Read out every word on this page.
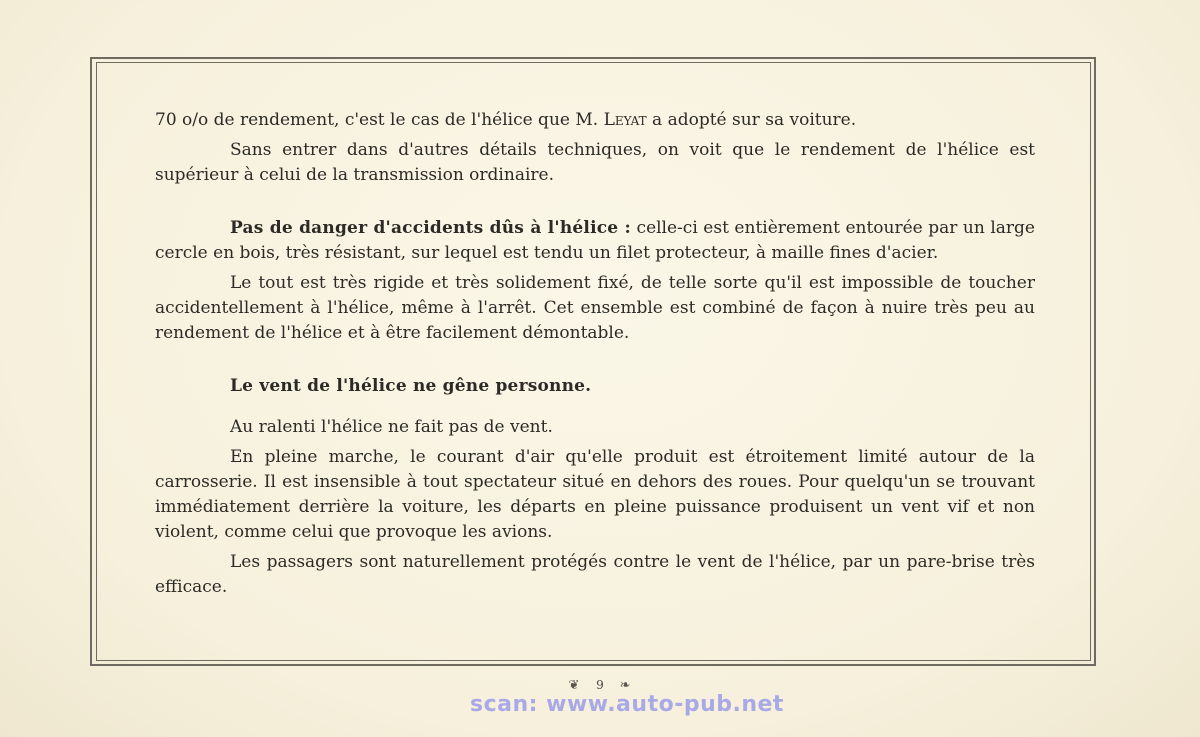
70 o/o de rendement, c'est le cas de l'hélice que M. Leyat a adopté sur sa voiture.

Sans entrer dans d'autres détails techniques, on voit que le rendement de l'hélice est supérieur à celui de la transmission ordinaire.

Pas de danger d'accidents dûs à l'hélice : celle-ci est entièrement entourée par un large cercle en bois, très résistant, sur lequel est tendu un filet protecteur, à maille fines d'acier.

Le tout est très rigide et très solidement fixé, de telle sorte qu'il est impossible de toucher accidentellement à l'hélice, même à l'arrêt. Cet ensemble est combiné de façon à nuire très peu au rendement de l'hélice et à être facilement démontable.

Le vent de l'hélice ne gêne personne.

Au ralenti l'hélice ne fait pas de vent.

En pleine marche, le courant d'air qu'elle produit est étroitement limité autour de la carrosserie. Il est insensible à tout spectateur situé en dehors des roues. Pour quelqu'un se trouvant immédiatement derrière la voiture, les départs en pleine puissance produisent un vent vif et non violent, comme celui que provoque les avions.

Les passagers sont naturellement protégés contre le vent de l'hélice, par un pare-brise très efficace.

❦ 9 ❧
scan: www.auto-pub.net
